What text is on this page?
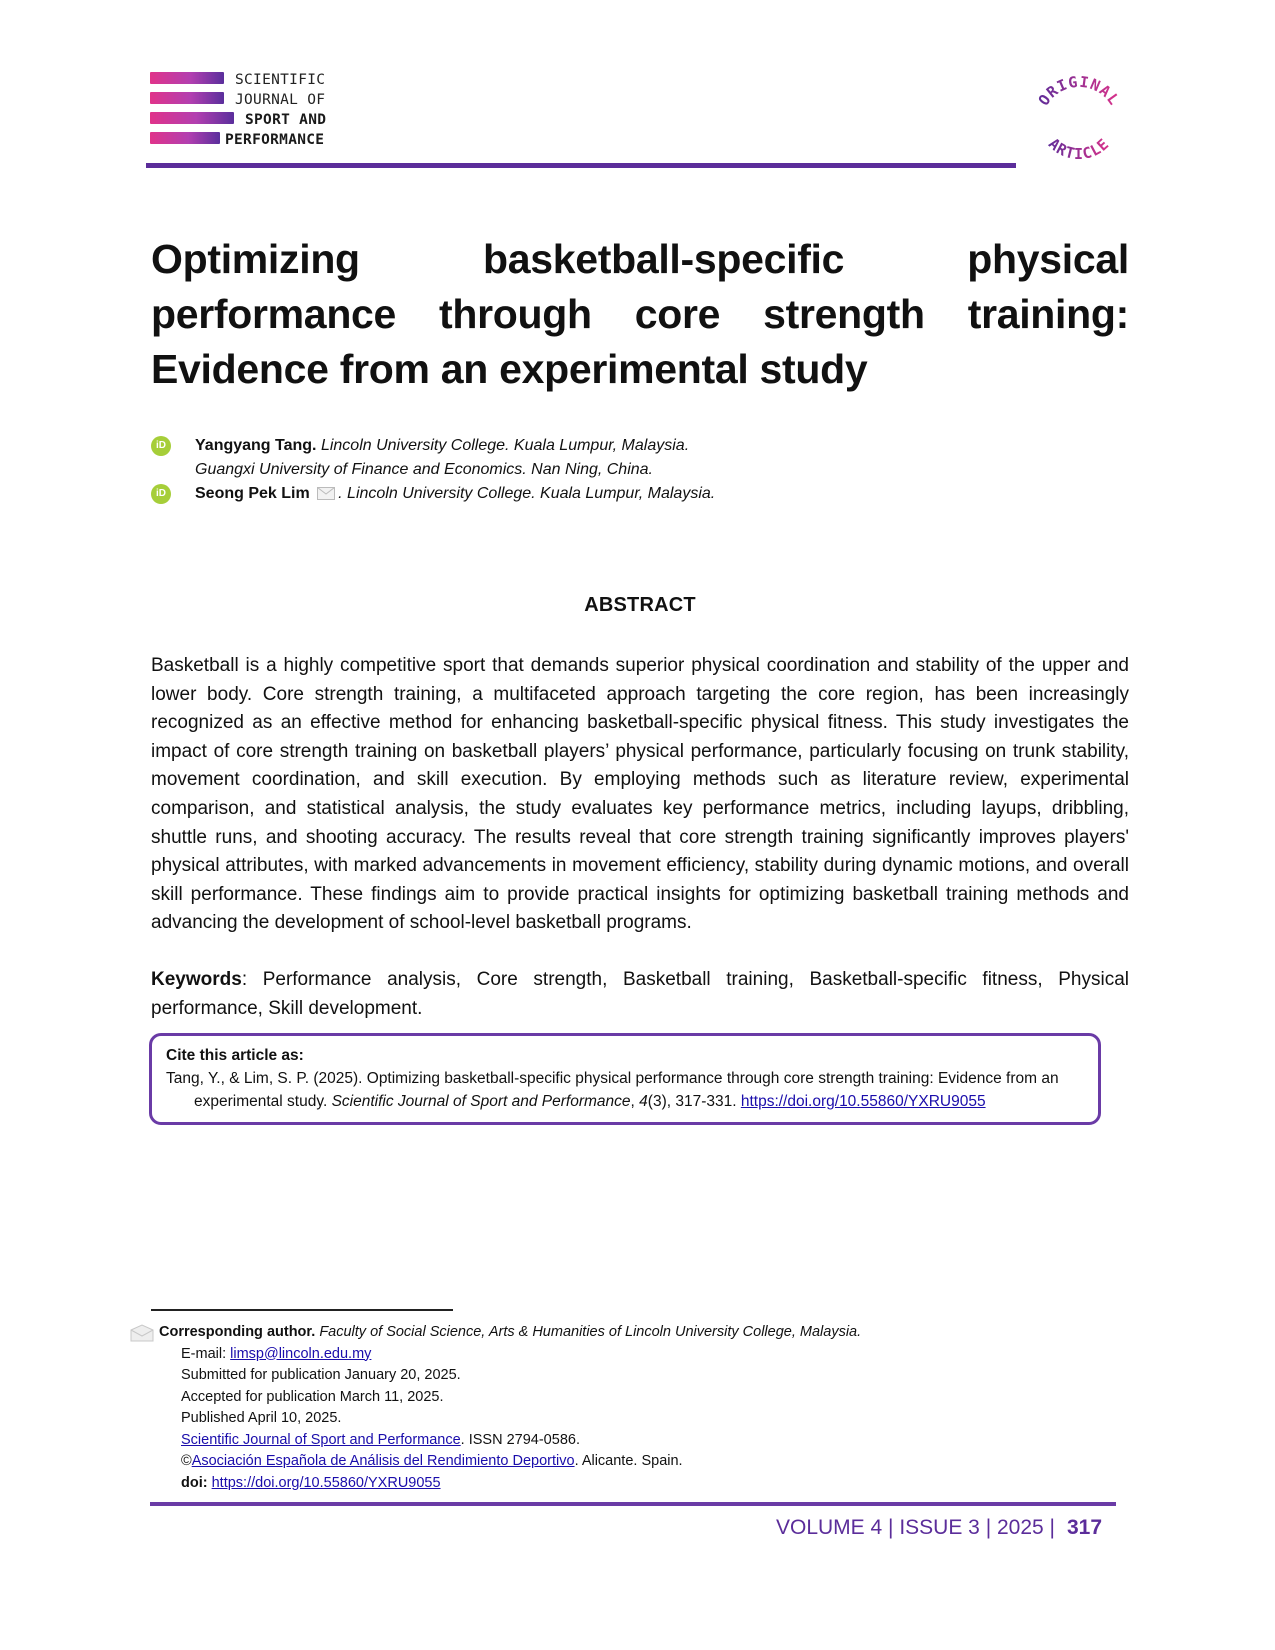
SCIENTIFIC
JOURNAL OF
SPORT AND
PERFORMANCE
ORIGINAL
ARTICLE
Optimizing basketball-specific physical performance through core strength training: Evidence from an experimental study
iD	Yangyang Tang. Lincoln University College. Kuala Lumpur, Malaysia.
Guangxi University of Finance and Economics. Nan Ning, China.
iD	Seong Pek Lim . Lincoln University College. Kuala Lumpur, Malaysia.
ABSTRACT

Basketball is a highly competitive sport that demands superior physical coordination and stability of the upper and lower body. Core strength training, a multifaceted approach targeting the core region, has been increasingly recognized as an effective method for enhancing basketball-specific physical fitness. This study investigates the impact of core strength training on basketball players’ physical performance, particularly focusing on trunk stability, movement coordination, and skill execution. By employing methods such as literature review, experimental comparison, and statistical analysis, the study evaluates key performance metrics, including layups, dribbling, shuttle runs, and shooting accuracy. The results reveal that core strength training significantly improves players' physical attributes, with marked advancements in movement efficiency, stability during dynamic motions, and overall skill performance. These findings aim to provide practical insights for optimizing basketball training methods and advancing the development of school-level basketball programs.

Keywords: Performance analysis, Core strength, Basketball training, Basketball-specific fitness, Physical performance, Skill development.

Cite this article as:
Tang, Y., & Lim, S. P. (2025). Optimizing basketball-specific physical performance through core strength training: Evidence from an experimental study. Scientific Journal of Sport and Performance, 4(3), 317-331. https://doi.org/10.55860/YXRU9055
Corresponding author. Faculty of Social Science, Arts & Humanities of Lincoln University College, Malaysia.
E-mail: limsp@lincoln.edu.my
Submitted for publication January 20, 2025.
Accepted for publication March 11, 2025.
Published April 10, 2025.
Scientific Journal of Sport and Performance. ISSN 2794-0586.
©Asociación Española de Análisis del Rendimiento Deportivo. Alicante. Spain.
doi: https://doi.org/10.55860/YXRU9055
VOLUME 4 | ISSUE 3 | 2025 | 317
